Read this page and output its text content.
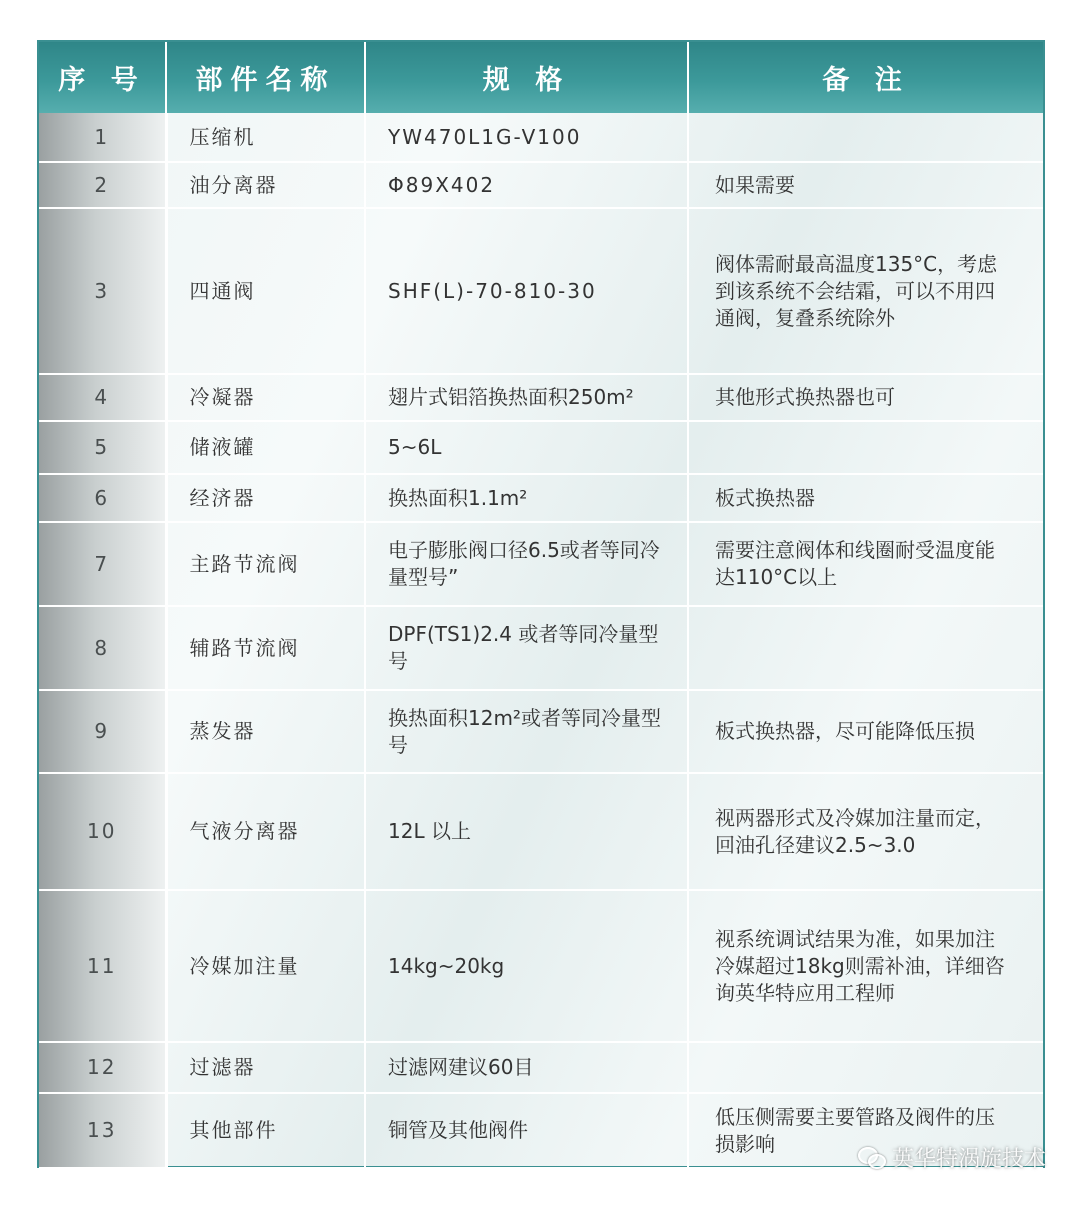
序 号	部件名称	规 格	备 注
1	压缩机	YW470L1G-V100	
2	油分离器	Φ89X402	如果需要
3	四通阀	SHF(L)-70-810-30	阀体需耐最高温度135°C，考虑到该系统不会结霜，可以不用四通阀，复叠系统除外
4	冷凝器	翅片式铝箔换热面积250m²	其他形式换热器也可
5	储液罐	5~6L	
6	经济器	换热面积1.1m²	板式换热器
7	主路节流阀	电子膨胀阀口径6.5或者等同冷量型号”	需要注意阀体和线圈耐受温度能达110°C以上
8	辅路节流阀	DPF(TS1)2.4 或者等同冷量型号	
9	蒸发器	换热面积12m²或者等同冷量型号	板式换热器，尽可能降低压损
10	气液分离器	12L 以上	视两器形式及冷媒加注量而定，回油孔径建议2.5~3.0
11	冷媒加注量	14kg~20kg	视系统调试结果为准，如果加注冷媒超过18kg则需补油，详细咨询英华特应用工程师
12	过滤器	过滤网建议60目	
13	其他部件	铜管及其他阀件	低压侧需要主要管路及阀件的压损影响
英华特涡旋技术
